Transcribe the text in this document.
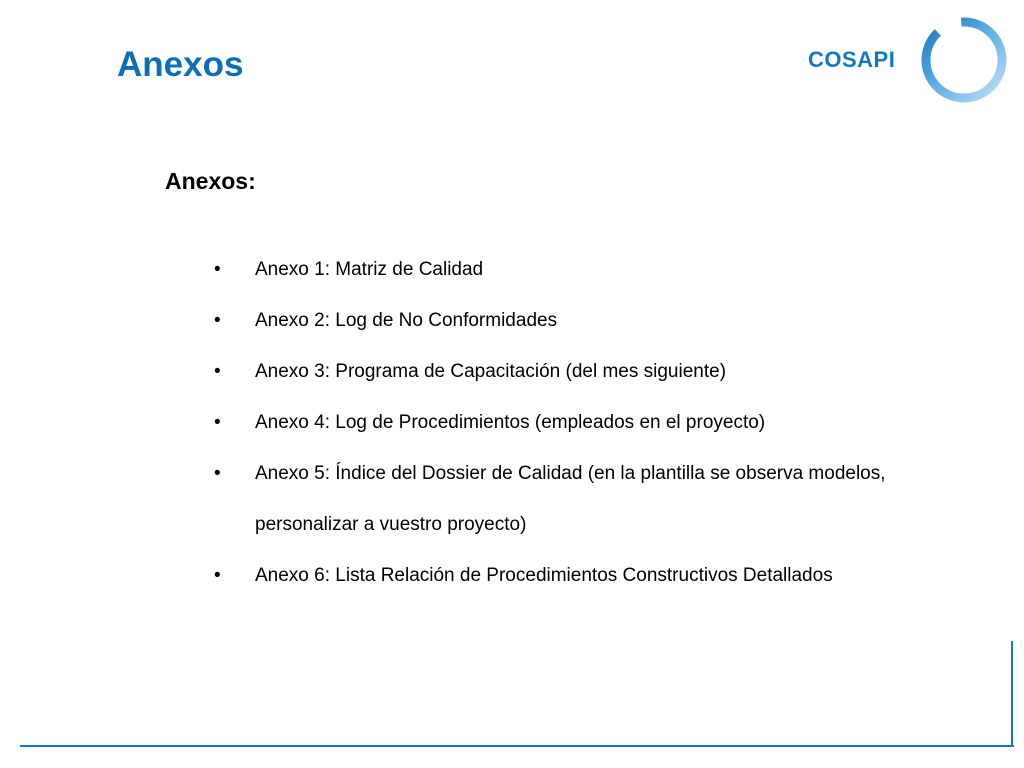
Anexos	COSAPI
Anexos:
• Anexo 1: Matriz de Calidad
• Anexo 2: Log de No Conformidades
• Anexo 3: Programa de Capacitación (del mes siguiente)
• Anexo 4: Log de Procedimientos (empleados en el proyecto)
• Anexo 5: Índice del Dossier de Calidad (en la plantilla se observa modelos, personalizar a vuestro proyecto)
• Anexo 6: Lista Relación de Procedimientos Constructivos Detallados
